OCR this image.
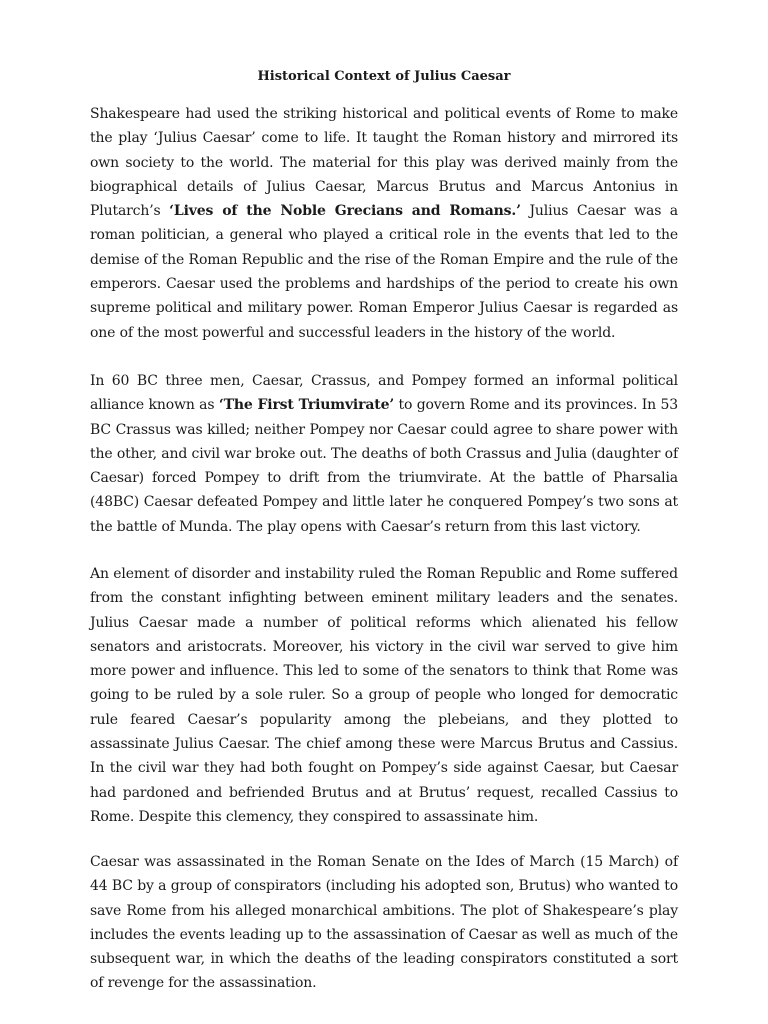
Historical Context of Julius Caesar

Shakespeare had used the striking historical and political events of Rome to make the play ‘Julius Caesar’ come to life. It taught the Roman history and mirrored its own society to the world. The material for this play was derived mainly from the biographical details of Julius Caesar, Marcus Brutus and Marcus Antonius in Plutarch’s ‘Lives of the Noble Grecians and Romans.’ Julius Caesar was a roman politician, a general who played a critical role in the events that led to the demise of the Roman Republic and the rise of the Roman Empire and the rule of the emperors. Caesar used the problems and hardships of the period to create his own supreme political and military power. Roman Emperor Julius Caesar is regarded as one of the most powerful and successful leaders in the history of the world.

In 60 BC three men, Caesar, Crassus, and Pompey formed an informal political alliance known as ‘The First Triumvirate’ to govern Rome and its provinces. In 53 BC Crassus was killed; neither Pompey nor Caesar could agree to share power with the other, and civil war broke out. The deaths of both Crassus and Julia (daughter of Caesar) forced Pompey to drift from the triumvirate. At the battle of Pharsalia (48BC) Caesar defeated Pompey and little later he conquered Pompey’s two sons at the battle of Munda. The play opens with Caesar’s return from this last victory.

An element of disorder and instability ruled the Roman Republic and Rome suffered from the constant infighting between eminent military leaders and the senates. Julius Caesar made a number of political reforms which alienated his fellow senators and aristocrats. Moreover, his victory in the civil war served to give him more power and influence. This led to some of the senators to think that Rome was going to be ruled by a sole ruler. So a group of people who longed for democratic rule feared Caesar’s popularity among the plebeians, and they plotted to assassinate Julius Caesar. The chief among these were Marcus Brutus and Cassius. In the civil war they had both fought on Pompey’s side against Caesar, but Caesar had pardoned and befriended Brutus and at Brutus’ request, recalled Cassius to Rome. Despite this clemency, they conspired to assassinate him.

Caesar was assassinated in the Roman Senate on the Ides of March (15 March) of 44 BC by a group of conspirators (including his adopted son, Brutus) who wanted to save Rome from his alleged monarchical ambitions. The plot of Shakespeare’s play includes the events leading up to the assassination of Caesar as well as much of the subsequent war, in which the deaths of the leading conspirators constituted a sort of revenge for the assassination.
